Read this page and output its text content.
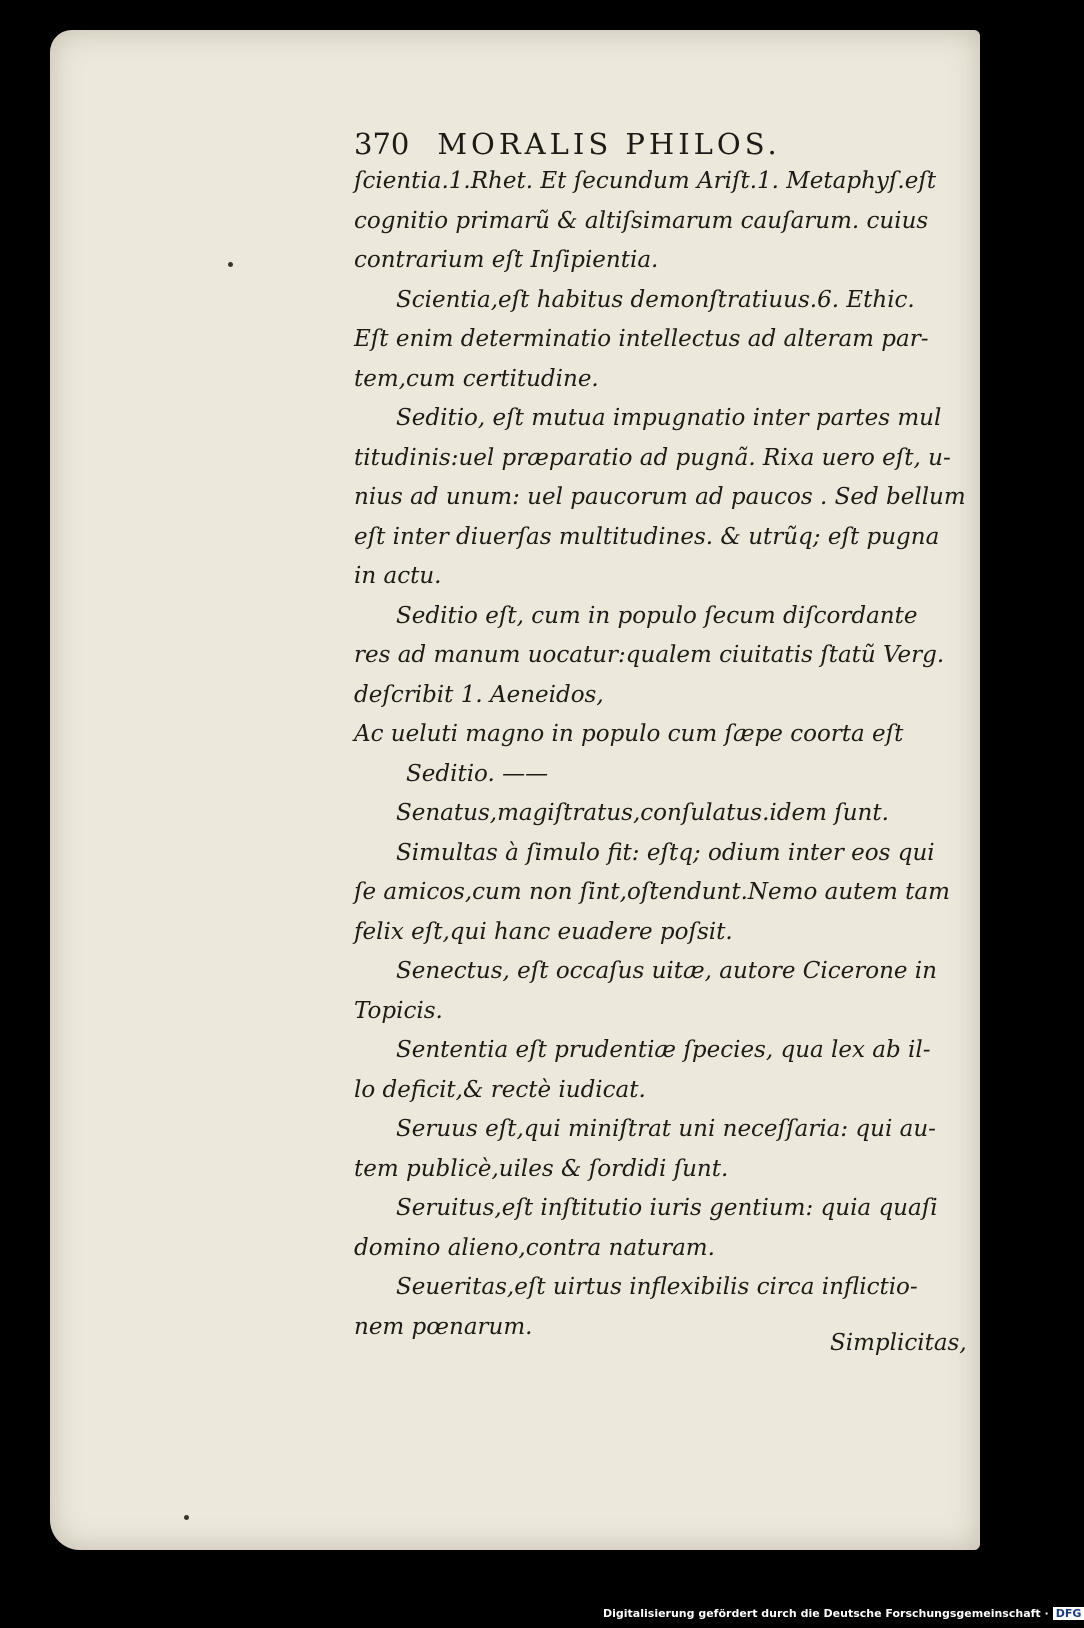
370 MORALIS PHILOS.
ſcientia.1.Rhet. Et ſecundum Ariſt.1. Metaphyſ.eſt
cognitio primarũ & altiſsimarum cauſarum. cuius
contrarium eſt Inſipientia.
Scientia,eſt habitus demonſtratiuus.6. Ethic.
Eſt enim determinatio intellectus ad alteram par-
tem,cum certitudine.
Seditio, eſt mutua impugnatio inter partes mul
titudinis:uel præparatio ad pugnã. Rixa uero eſt, u-
nius ad unum: uel paucorum ad paucos . Sed bellum
eſt inter diuerſas multitudines. & utrũq; eſt pugna
in actu.
Seditio eſt, cum in populo ſecum diſcordante
res ad manum uocatur:qualem ciuitatis ſtatũ Verg.
deſcribit 1. Aeneidos,
Ac ueluti magno in populo cum ſæpe coorta eſt
Seditio. ——
Senatus,magiſtratus,conſulatus.idem ſunt.
Simultas à ſimulo fit: eſtq; odium inter eos qui
ſe amicos,cum non ſint,oſtendunt.Nemo autem tam
felix eſt,qui hanc euadere poſsit.
Senectus, eſt occaſus uitæ, autore Cicerone in
Topicis.
Sententia eſt prudentiæ ſpecies, qua lex ab il-
lo deficit,& rectè iudicat.
Seruus eſt,qui miniſtrat uni neceſſaria: qui au-
tem publicè,uiles & ſordidi ſunt.
Seruitus,eſt inſtitutio iuris gentium: quia quaſi
domino alieno,contra naturam.
Seueritas,eſt uirtus inflexibilis circa inflictio-
nem pœnarum.
Simplicitas,
Digitalisierung gefördert durch die Deutsche Forschungsgemeinschaft · DFG
